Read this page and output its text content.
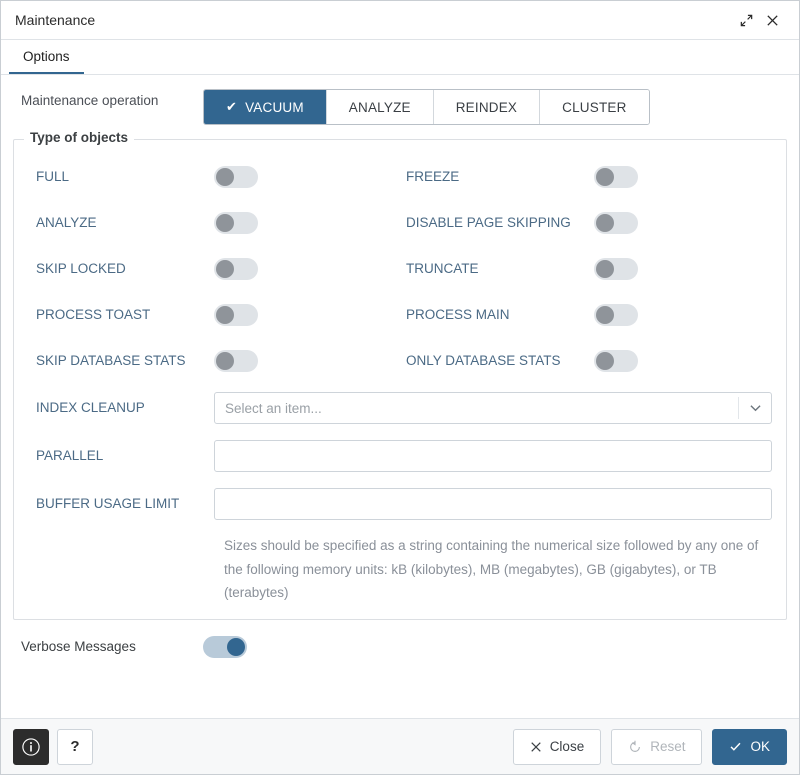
Maintenance
Options
Maintenance operation	✔ VACUUM	ANALYZE	REINDEX	CLUSTER
Type of objects
FULL	FREEZE
ANALYZE	DISABLE PAGE SKIPPING
SKIP LOCKED	TRUNCATE
PROCESS TOAST	PROCESS MAIN
SKIP DATABASE STATS	ONLY DATABASE STATS
INDEX CLEANUP	Select an item...
PARALLEL
BUFFER USAGE LIMIT
Sizes should be specified as a string containing the numerical size followed by any one of the following memory units: kB (kilobytes), MB (megabytes), GB (gigabytes), or TB (terabytes)
Verbose Messages
?	Close	Reset	OK
